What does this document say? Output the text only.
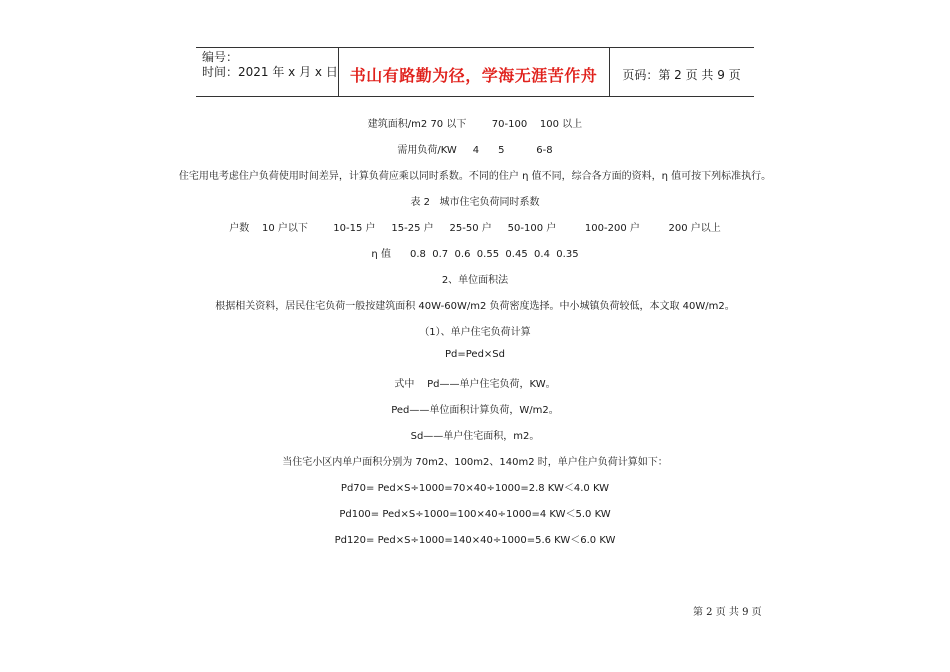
编号：
时间：2021 年 x 月 x 日 书山有路勤为径，学海无涯苦作舟	页码：第 2 页 共 9 页
建筑面积/m2 70 以下        70-100    100 以上
需用负荷/KW     4      5          6-8
住宅用电考虑住户负荷使用时间差异，计算负荷应乘以同时系数。不同的住户 η 值不同，综合各方面的资料，η 值可按下列标准执行。
表 2   城市住宅负荷同时系数
户数    10 户以下        10-15 户     15-25 户     25-50 户     50-100 户         100-200 户         200 户以上
η 值      0.8  0.7  0.6  0.55  0.45  0.4  0.35
2、单位面积法
根据相关资料，居民住宅负荷一般按建筑面积 40W-60W/m2 负荷密度选择。中小城镇负荷较低，本文取 40W/m2。
（1）、单户住宅负荷计算
Pd=Ped×Sd
式中    Pd——单户住宅负荷，KW。
Ped——单位面积计算负荷，W/m2。
Sd——单户住宅面积，m2。
当住宅小区内单户面积分别为 70m2、100m2、140m2 时，单户住户负荷计算如下：
Pd70= Ped×S÷1000=70×40÷1000=2.8 KW＜4.0 KW
Pd100= Ped×S÷1000=100×40÷1000=4 KW＜5.0 KW
Pd120= Ped×S÷1000=140×40÷1000=5.6 KW＜6.0 KW
第 2 页 共 9 页
